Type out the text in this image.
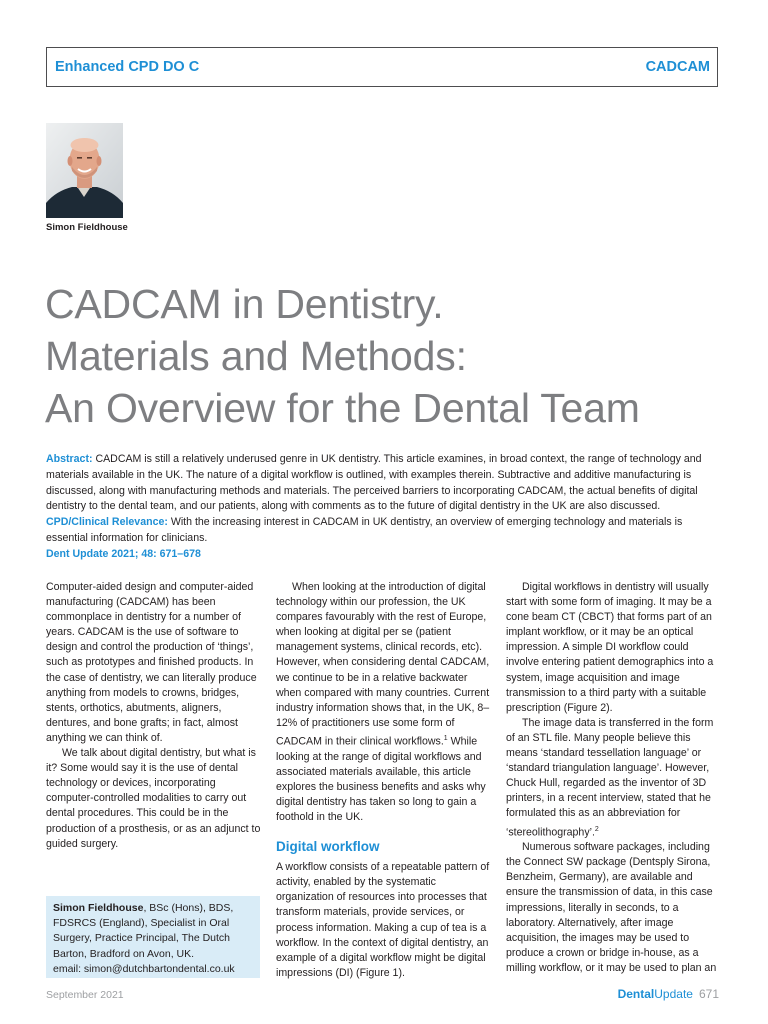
Enhanced CPD DO C	CADCAM
Simon Fieldhouse
CADCAM in Dentistry.
Materials and Methods:
An Overview for the Dental Team

Abstract: CADCAM is still a relatively underused genre in UK dentistry. This article examines, in broad context, the range of technology and materials available in the UK. The nature of a digital workflow is outlined, with examples therein. Subtractive and additive manufacturing is discussed, along with manufacturing methods and materials. The perceived barriers to incorporating CADCAM, the actual benefits of digital dentistry to the dental team, and our patients, along with comments as to the future of digital dentistry in the UK are also discussed.

CPD/Clinical Relevance: With the increasing interest in CADCAM in UK dentistry, an overview of emerging technology and materials is essential information for clinicians.

Dent Update 2021; 48: 671–678

Computer-aided design and computer-aided manufacturing (CADCAM) has been commonplace in dentistry for a number of years. CADCAM is the use of software to design and control the production of ‘things’, such as prototypes and finished products. In the case of dentistry, we can literally produce anything from models to crowns, bridges, stents, orthotics, abutments, aligners, dentures, and bone grafts; in fact, almost anything we can think of.

We talk about digital dentistry, but what is it? Some would say it is the use of dental technology or devices, incorporating computer-controlled modalities to carry out dental procedures. This could be in the production of a prosthesis, or as an adjunct to guided surgery.

When looking at the introduction of digital technology within our profession, the UK compares favourably with the rest of Europe, when looking at digital per se (patient management systems, clinical records, etc). However, when considering dental CADCAM, we continue to be in a relative backwater when compared with many countries. Current industry information shows that, in the UK, 8–12% of practitioners use some form of CADCAM in their clinical workflows.$^1$ While looking at the range of digital workflows and associated materials available, this article explores the business benefits and asks why digital dentistry has taken so long to gain a foothold in the UK.

Digital workflow

A workflow consists of a repeatable pattern of activity, enabled by the systematic organization of resources into processes that transform materials, provide services, or process information. Making a cup of tea is a workflow. In the context of digital dentistry, an example of a digital workflow might be digital impressions (DI) (Figure 1).

Digital workflows in dentistry will usually start with some form of imaging. It may be a cone beam CT (CBCT) that forms part of an implant workflow, or it may be an optical impression. A simple DI workflow could involve entering patient demographics into a system, image acquisition and image transmission to a third party with a suitable prescription (Figure 2).

The image data is transferred in the form of an STL file. Many people believe this means ‘standard tessellation language’ or ‘standard triangulation language’. However, Chuck Hull, regarded as the inventor of 3D printers, in a recent interview, stated that he formulated this as an abbreviation for ‘stereolithography’.$^2$

Numerous software packages, including the Connect SW package (Dentsply Sirona, Benzheim, Germany), are available and ensure the transmission of data, in this case impressions, literally in seconds, to a laboratory. Alternatively, after image acquisition, the images may be used to produce a crown or bridge in-house, as a milling workflow, or it may be used to plan an

Simon Fieldhouse, BSc (Hons), BDS, FDSRCS (England), Specialist in Oral Surgery, Practice Principal, The Dutch Barton, Bradford on Avon, UK.
email: simon@dutchbartondental.co.uk
September 2021	DentalUpdate 671
